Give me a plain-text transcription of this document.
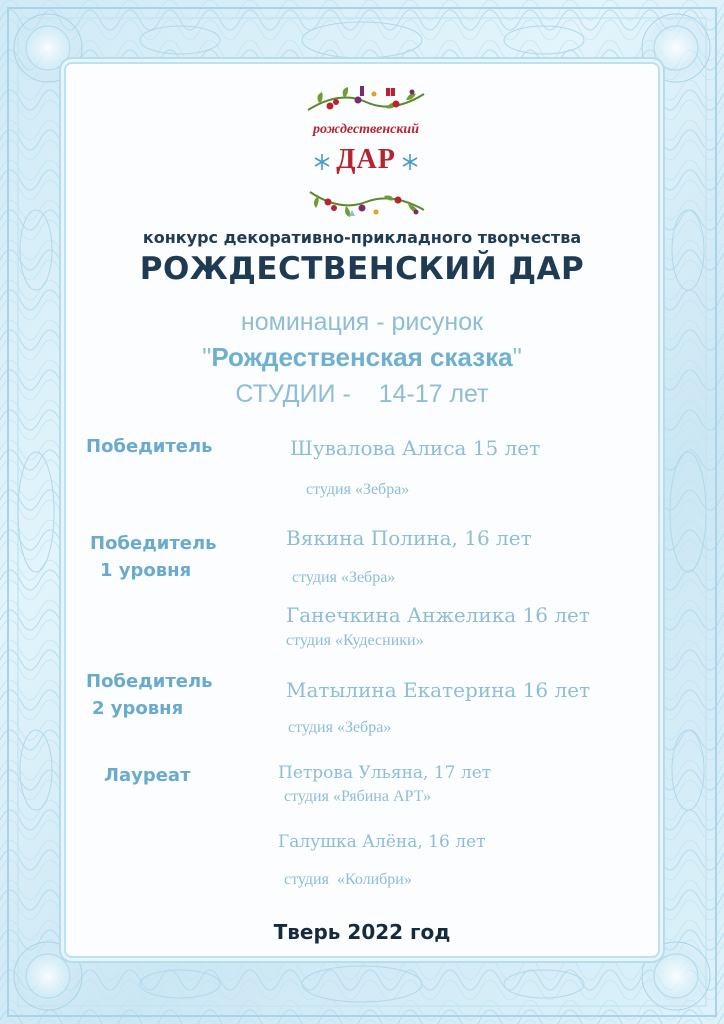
рождественский
ДАР
конкурс декоративно-прикладного творчества
РОЖДЕСТВЕНСКИЙ ДАР
номинация - рисунок
"Рождественская сказка"
СТУДИИ -    14-17 лет
Победитель	Шувалова Алиса 15 лет
студия «Зебра»
Победитель
1 уровня
Вякина Полина, 16 лет
студия «Зебра»
Ганечкина Анжелика 16 лет
студия «Кудесники»
Победитель
2 уровня
Матылина Екатерина 16 лет
студия «Зебра»
Лауреат	Петрова Ульяна, 17 лет
студия «Рябина АРТ»
Галушка Алёна, 16 лет
студия  «Колибри»
Тверь 2022 год
